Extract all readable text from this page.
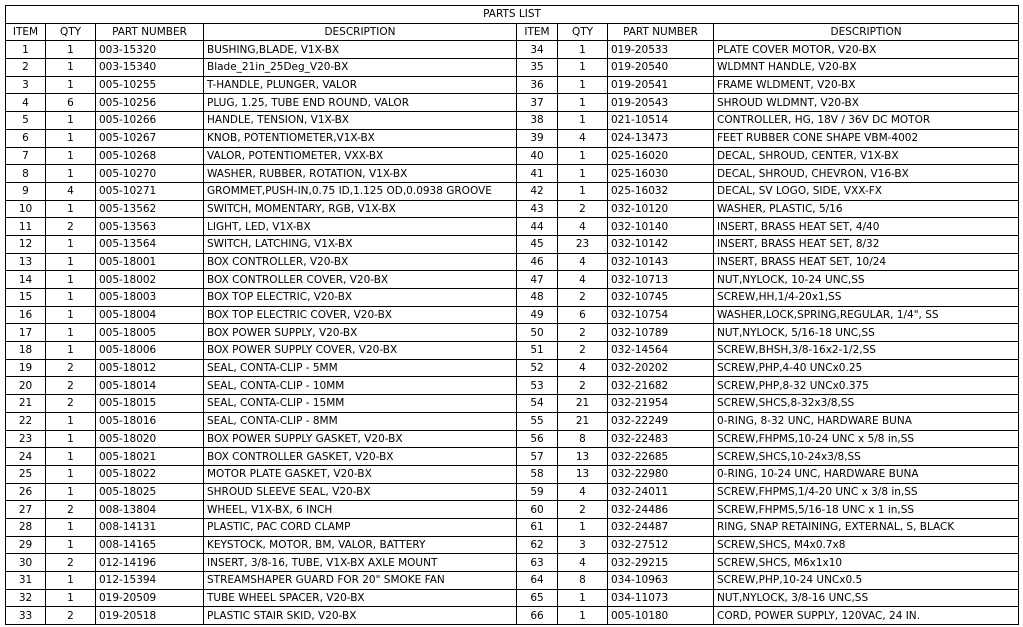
PARTS LIST							
ITEM	QTY	PART NUMBER	DESCRIPTION	ITEM	QTY	PART NUMBER	DESCRIPTION
1	1	003-15320	BUSHING,BLADE, V1X-BX	34	1	019-20533	PLATE COVER MOTOR, V20-BX
2	1	003-15340	Blade_21in_25Deg_V20-BX	35	1	019-20540	WLDMNT HANDLE, V20-BX
3	1	005-10255	T-HANDLE, PLUNGER, VALOR	36	1	019-20541	FRAME WLDMENT, V20-BX
4	6	005-10256	PLUG, 1.25, TUBE END ROUND, VALOR	37	1	019-20543	SHROUD WLDMNT, V20-BX
5	1	005-10266	HANDLE, TENSION, V1X-BX	38	1	021-10514	CONTROLLER, HG, 18V / 36V DC MOTOR
6	1	005-10267	KNOB, POTENTIOMETER,V1X-BX	39	4	024-13473	FEET RUBBER CONE SHAPE VBM-4002
7	1	005-10268	VALOR, POTENTIOMETER, VXX-BX	40	1	025-16020	DECAL, SHROUD, CENTER, V1X-BX
8	1	005-10270	WASHER, RUBBER, ROTATION, V1X-BX	41	1	025-16030	DECAL, SHROUD, CHEVRON, V16-BX
9	4	005-10271	GROMMET,PUSH-IN,0.75 ID,1.125 OD,0.0938 GROOVE	42	1	025-16032	DECAL, SV LOGO, SIDE, VXX-FX
10	1	005-13562	SWITCH, MOMENTARY, RGB, V1X-BX	43	2	032-10120	WASHER, PLASTIC, 5/16
11	2	005-13563	LIGHT, LED, V1X-BX	44	4	032-10140	INSERT, BRASS HEAT SET, 4/40
12	1	005-13564	SWITCH, LATCHING, V1X-BX	45	23	032-10142	INSERT, BRASS HEAT SET, 8/32
13	1	005-18001	BOX CONTROLLER, V20-BX	46	4	032-10143	INSERT, BRASS HEAT SET, 10/24
14	1	005-18002	BOX CONTROLLER COVER, V20-BX	47	4	032-10713	NUT,NYLOCK, 10-24 UNC,SS
15	1	005-18003	BOX TOP ELECTRIC, V20-BX	48	2	032-10745	SCREW,HH,1/4-20x1,SS
16	1	005-18004	BOX TOP ELECTRIC COVER, V20-BX	49	6	032-10754	WASHER,LOCK,SPRING,REGULAR, 1/4", SS
17	1	005-18005	BOX POWER SUPPLY, V20-BX	50	2	032-10789	NUT,NYLOCK, 5/16-18 UNC,SS
18	1	005-18006	BOX POWER SUPPLY COVER, V20-BX	51	2	032-14564	SCREW,BHSH,3/8-16x2-1/2,SS
19	2	005-18012	SEAL, CONTA-CLIP - 5MM	52	4	032-20202	SCREW,PHP,4-40 UNCx0.25
20	2	005-18014	SEAL, CONTA-CLIP - 10MM	53	2	032-21682	SCREW,PHP,8-32 UNCx0.375
21	2	005-18015	SEAL, CONTA-CLIP - 15MM	54	21	032-21954	SCREW,SHCS,8-32x3/8,SS
22	1	005-18016	SEAL, CONTA-CLIP - 8MM	55	21	032-22249	0-RING, 8-32 UNC, HARDWARE BUNA
23	1	005-18020	BOX POWER SUPPLY GASKET, V20-BX	56	8	032-22483	SCREW,FHPMS,10-24 UNC x 5/8 in,SS
24	1	005-18021	BOX CONTROLLER GASKET, V20-BX	57	13	032-22685	SCREW,SHCS,10-24x3/8,SS
25	1	005-18022	MOTOR PLATE GASKET, V20-BX	58	13	032-22980	0-RING, 10-24 UNC, HARDWARE BUNA
26	1	005-18025	SHROUD SLEEVE SEAL, V20-BX	59	4	032-24011	SCREW,FHPMS,1/4-20 UNC x 3/8 in,SS
27	2	008-13804	WHEEL, V1X-BX, 6 INCH	60	2	032-24486	SCREW,FHPMS,5/16-18 UNC x 1 in,SS
28	1	008-14131	PLASTIC, PAC CORD CLAMP	61	1	032-24487	RING, SNAP RETAINING, EXTERNAL, S, BLACK
29	1	008-14165	KEYSTOCK, MOTOR, BM, VALOR, BATTERY	62	3	032-27512	SCREW,SHCS, M4x0.7x8
30	2	012-14196	INSERT, 3/8-16, TUBE, V1X-BX AXLE MOUNT	63	4	032-29215	SCREW,SHCS, M6x1x10
31	1	012-15394	STREAMSHAPER GUARD FOR 20" SMOKE FAN	64	8	034-10963	SCREW,PHP,10-24 UNCx0.5
32	1	019-20509	TUBE WHEEL SPACER, V20-BX	65	1	034-11073	NUT,NYLOCK, 3/8-16 UNC,SS
33	2	019-20518	PLASTIC STAIR SKID, V20-BX	66	1	005-10180	CORD, POWER SUPPLY, 120VAC, 24 IN.
